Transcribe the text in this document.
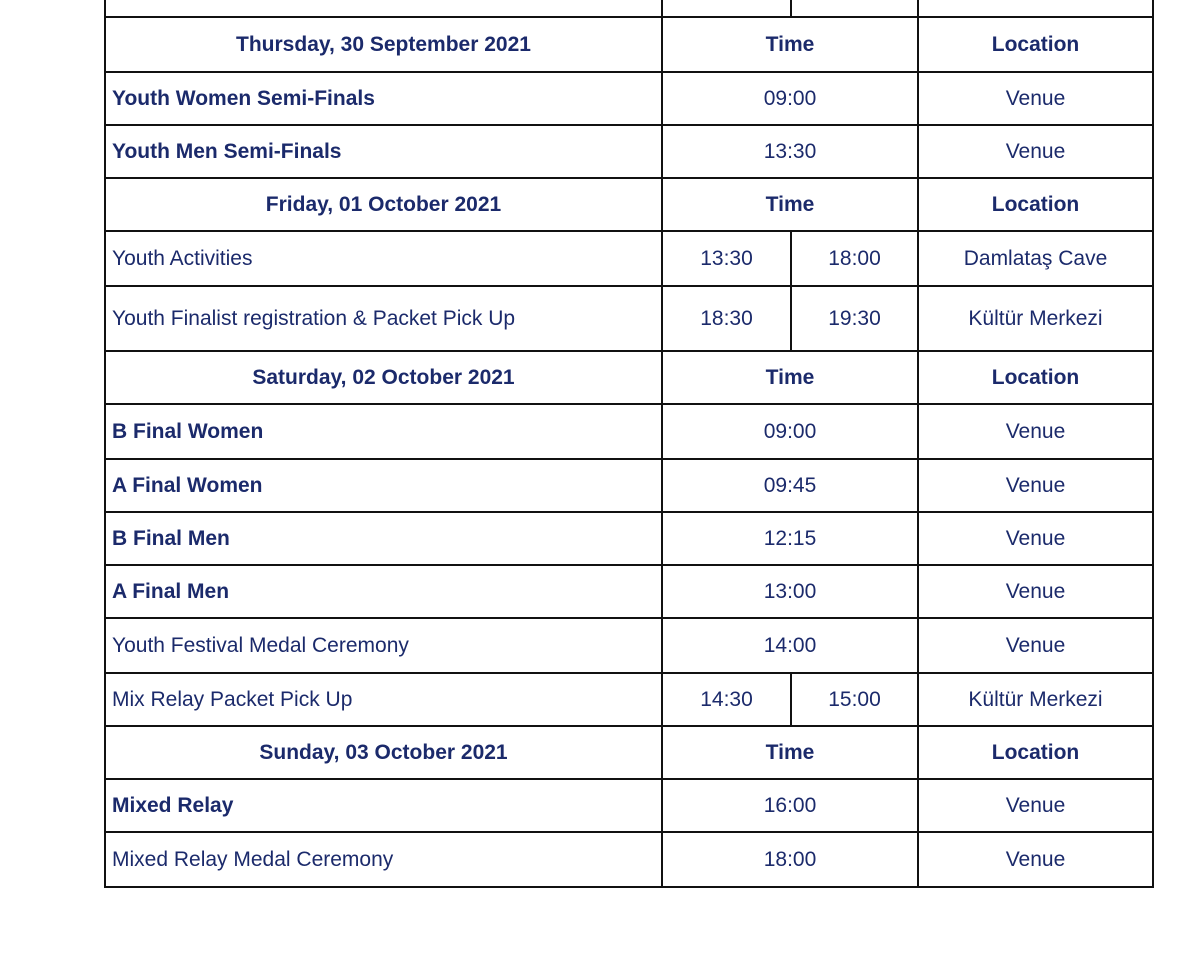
Thursday, 30 September 2021	Time		Location
Youth Women Semi-Finals	09:00		Venue
Youth Men Semi-Finals	13:30		Venue
Friday, 01 October 2021	Time		Location
Youth Activities	13:30	18:00	Damlataş Cave
Youth Finalist registration & Packet Pick Up	18:30	19:30	Kültür Merkezi
Saturday, 02 October 2021	Time		Location
B Final Women	09:00		Venue
A Final Women	09:45		Venue
B Final Men	12:15		Venue
A Final Men	13:00		Venue
Youth Festival Medal Ceremony	14:00		Venue
Mix Relay Packet Pick Up	14:30	15:00	Kültür Merkezi
Sunday, 03 October 2021	Time		Location
Mixed Relay	16:00		Venue
Mixed Relay Medal Ceremony	18:00		Venue
